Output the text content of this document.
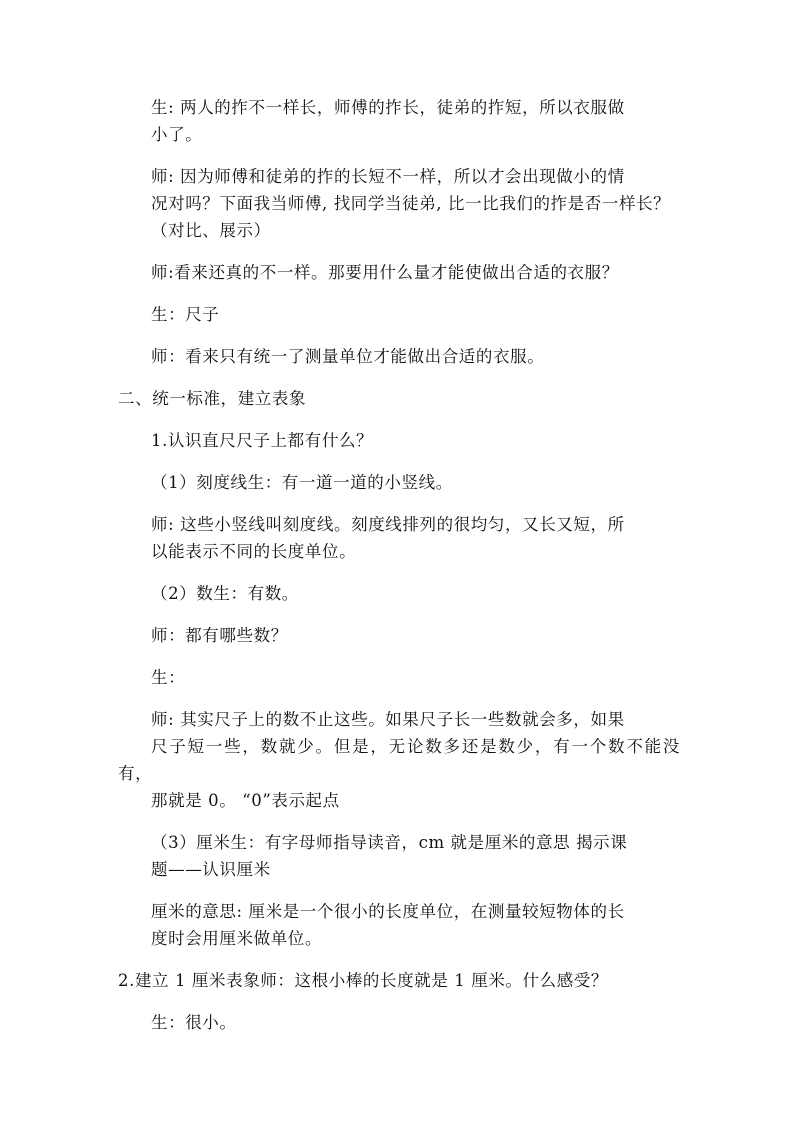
生: 两人的拃不一样长，师傅的拃长，徒弟的拃短，所以衣服做
小了。

师: 因为师傅和徒弟的拃的长短不一样，所以才会出现做小的情
况对吗？下面我当师傅, 找同学当徒弟, 比一比我们的拃是否一样长？
（对比、展示）

师:看来还真的不一样。那要用什么量才能使做出合适的衣服？

生：尺子

师：看来只有统一了测量单位才能做出合适的衣服。

二、统一标准，建立表象

1.认识直尺尺子上都有什么？

（1）刻度线生：有一道一道的小竖线。

师: 这些小竖线叫刻度线。刻度线排列的很均匀，又长又短，所
以能表示不同的长度单位。

（2）数生：有数。

师：都有哪些数？

生：

师: 其实尺子上的数不止这些。如果尺子长一些数就会多，如果
尺子短一些，数就少。但是，无论数多还是数少，有一个数不能没有，
那就是 0。 “0”表示起点

（3）厘米生：有字母师指导读音，cm 就是厘米的意思 揭示课
题——认识厘米

厘米的意思: 厘米是一个很小的长度单位，在测量较短物体的长
度时会用厘米做单位。

2.建立 1 厘米表象师：这根小棒的长度就是 1 厘米。什么感受？

生：很小。
